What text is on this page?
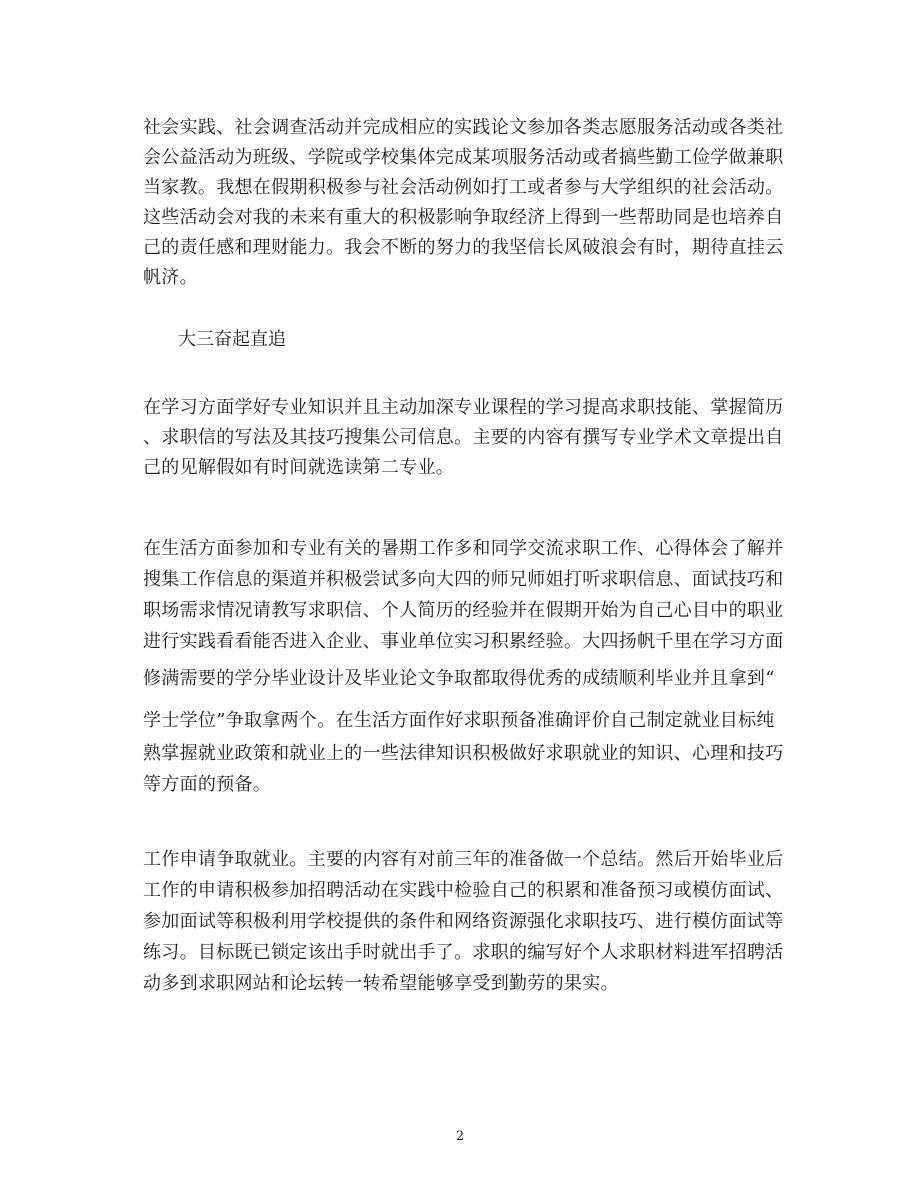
社会实践、社会调查活动并完成相应的实践论文参加各类志愿服务活动或各类社
会公益活动为班级、学院或学校集体完成某项服务活动或者搞些勤工俭学做兼职
当家教。我想在假期积极参与社会活动例如打工或者参与大学组织的社会活动。
这些活动会对我的未来有重大的积极影响争取经济上得到一些帮助同是也培养自
己的责任感和理财能力。我会不断的努力的我坚信长风破浪会有时，期待直挂云
帆济。

大三奋起直追

在学习方面学好专业知识并且主动加深专业课程的学习提高求职技能、掌握简历
、求职信的写法及其技巧搜集公司信息。主要的内容有撰写专业学术文章提出自
己的见解假如有时间就选读第二专业。

在生活方面参加和专业有关的暑期工作多和同学交流求职工作、心得体会了解并
搜集工作信息的渠道并积极尝试多向大四的师兄师姐打听求职信息、面试技巧和
职场需求情况请教写求职信、个人简历的经验并在假期开始为自己心目中的职业
进行实践看看能否进入企业、事业单位实习积累经验。大四扬帆千里在学习方面
修满需要的学分毕业设计及毕业论文争取都取得优秀的成绩顺利毕业并且拿到“
学士学位”争取拿两个。在生活方面作好求职预备准确评价自己制定就业目标纯
熟掌握就业政策和就业上的一些法律知识积极做好求职就业的知识、心理和技巧
等方面的预备。

工作申请争取就业。主要的内容有对前三年的准备做一个总结。然后开始毕业后
工作的申请积极参加招聘活动在实践中检验自己的积累和准备预习或模仿面试、
参加面试等积极利用学校提供的条件和网络资源强化求职技巧、进行模仿面试等
练习。目标既已锁定该出手时就出手了。求职的编写好个人求职材料进军招聘活
动多到求职网站和论坛转一转希望能够享受到勤劳的果实。

2
